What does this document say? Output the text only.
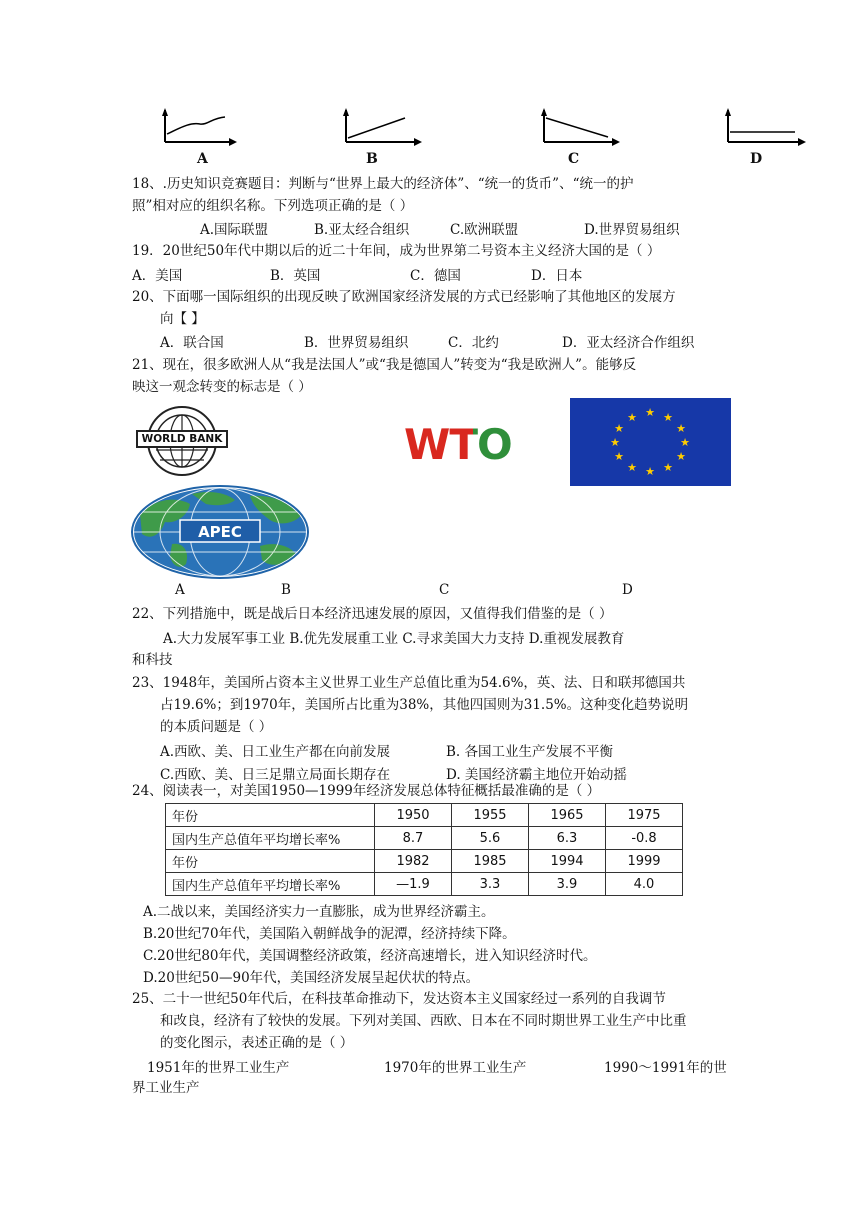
A	B	C	D
18、.历史知识竞赛题目：判断与“世界上最大的经济体”、“统一的货币”、“统一的护
照”相对应的组织名称。下列选项正确的是（ ）
A.国际联盟	B.亚太经合组织	C.欧洲联盟	D.世界贸易组织
19．20世纪50年代中期以后的近二十年间，成为世界第二号资本主义经济大国的是（ ）
A．美国	B．英国	C．德国	D．日本
20、下面哪一国际组织的出现反映了欧洲国家经济发展的方式已经影响了其他地区的发展方
向【 】
A．联合国	B．世界贸易组织	C．北约	D．亚太经济合作组织
21、现在，很多欧洲人从“我是法国人”或“我是德国人”转变为“我是欧洲人”。能够反
映这一观念转变的标志是（ ）
WORLD BANK	WTO
★ ★
★
★
★
★
★
★
★
★
★
★
APEC
A	B	C	D
22、下列措施中，既是战后日本经济迅速发展的原因，又值得我们借鉴的是（ ）
A.大力发展军事工业 B.优先发展重工业 C.寻求美国大力支持 D.重视发展教育
和科技
23、1948年，美国所占资本主义世界工业生产总值比重为54.6%，英、法、日和联邦德国共
占19.6%；到1970年，美国所占比重为38%，其他四国则为31.5%。这种变化趋势说明
的本质问题是（ ）
A.西欧、美、日工业生产都在向前发展	B. 各国工业生产发展不平衡
C.西欧、美、日三足鼎立局面长期存在	D. 美国经济霸主地位开始动摇
24、阅读表一，对美国1950—1999年经济发展总体特征概括最准确的是（ ）
年份	1950	1955	1965	1975
国内生产总值年平均增长率%	8.7	5.6	6.3	-0.8
年份	1982	1985	1994	1999
国内生产总值年平均增长率%	—1.9	3.3	3.9	4.0
A.二战以来，美国经济实力一直膨胀，成为世界经济霸主。
B.20世纪70年代，美国陷入朝鲜战争的泥潭，经济持续下降。
C.20世纪80年代，美国调整经济政策，经济高速增长，进入知识经济时代。
D.20世纪50—90年代，美国经济发展呈起伏状的特点。
25、二十一世纪50年代后，在科技革命推动下，发达资本主义国家经过一系列的自我调节
和改良，经济有了较快的发展。下列对美国、西欧、日本在不同时期世界工业生产中比重
的变化图示，表述正确的是（ ）
1951年的世界工业生产	1970年的世界工业生产	1990～1991年的世
界工业生产
